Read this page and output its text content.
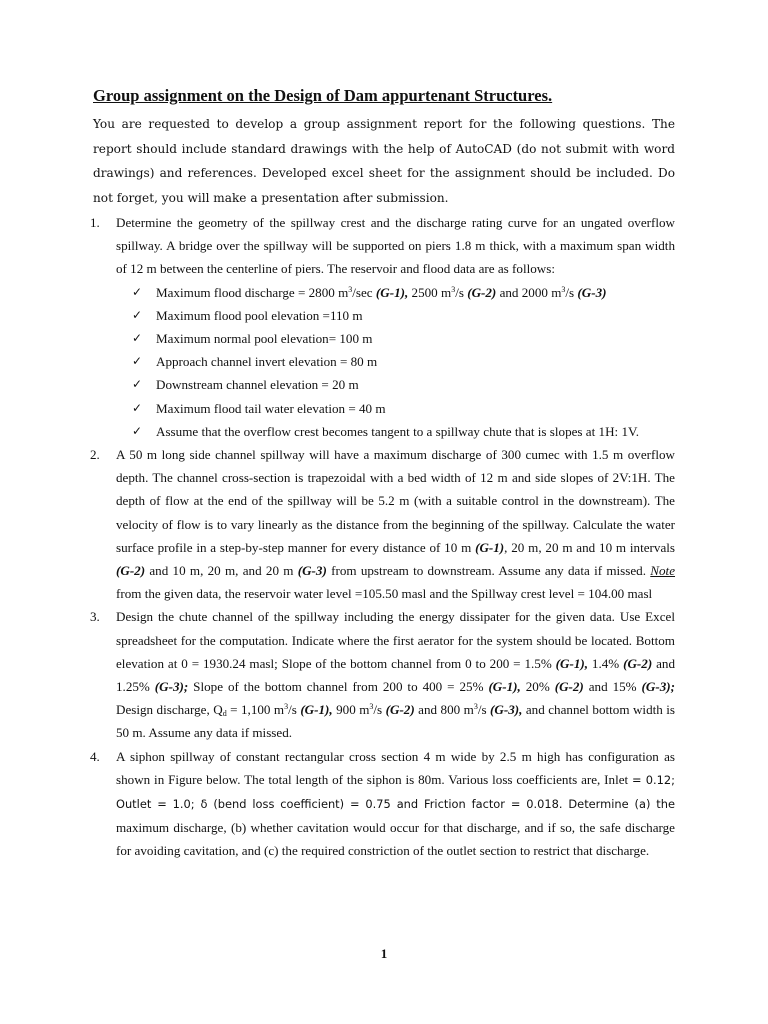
Group assignment on the Design of Dam appurtenant Structures.

You are requested to develop a group assignment report for the following questions. The report should include standard drawings with the help of AutoCAD (do not submit with word drawings) and references. Developed excel sheet for the assignment should be included. Do not forget, you will make a presentation after submission.

1. Determine the geometry of the spillway crest and the discharge rating curve for an ungated overflow spillway. A bridge over the spillway will be supported on piers 1.8 m thick, with a maximum span width of 12 m between the centerline of piers. The reservoir and flood data are as follows:
✓ Maximum flood discharge = 2800 $m^3/\sec$ (G-1), 2500 $m^3/s$ (G-2) and 2000 $m^3/s$ (G-3)
✓ Maximum flood pool elevation =110 m
✓ Maximum normal pool elevation= 100 m
✓ Approach channel invert elevation = 80 m
✓ Downstream channel elevation = 20 m
✓ Maximum flood tail water elevation = 40 m
✓ Assume that the overflow crest becomes tangent to a spillway chute that is slopes at 1H: 1V.
2. A 50 m long side channel spillway will have a maximum discharge of 300 cumec with 1.5 m overflow depth. The channel cross-section is trapezoidal with a bed width of 12 m and side slopes of 2V:1H. The depth of flow at the end of the spillway will be 5.2 m (with a suitable control in the downstream). The velocity of flow is to vary linearly as the distance from the beginning of the spillway. Calculate the water surface profile in a step-by-step manner for every distance of 10 m (G-1), 20 m, 20 m and 10 m intervals (G-2) and 10 m, 20 m, and 20 m (G-3) from upstream to downstream. Assume any data if missed. Note from the given data, the reservoir water level =105.50 masl and the Spillway crest level = 104.00 masl
3. Design the chute channel of the spillway including the energy dissipater for the given data. Use Excel spreadsheet for the computation. Indicate where the first aerator for the system should be located. Bottom elevation at 0 = 1930.24 masl; Slope of the bottom channel from 0 to 200 = 1.5% (G-1), 1.4% (G-2) and 1.25% (G-3); Slope of the bottom channel from 200 to 400 = 25% (G-1), 20% (G-2) and 15% (G-3); Design discharge, $Q_d = 1,100$ $m^3/s$ (G-1), 900 $m^3/s$ (G-2) and 800 $m^3/s$ (G-3), and channel bottom width is 50 m. Assume any data if missed.
4. A siphon spillway of constant rectangular cross section 4 m wide by 2.5 m high has configuration as shown in Figure below. The total length of the siphon is 80m. Various loss coefficients are, Inlet = 0.12; Outlet = 1.0; δ (bend loss coefficient) = 0.75 and Friction factor = 0.018. Determine (a) the maximum discharge, (b) whether cavitation would occur for that discharge, and if so, the safe discharge for avoiding cavitation, and (c) the required constriction of the outlet section to restrict that discharge.
1
